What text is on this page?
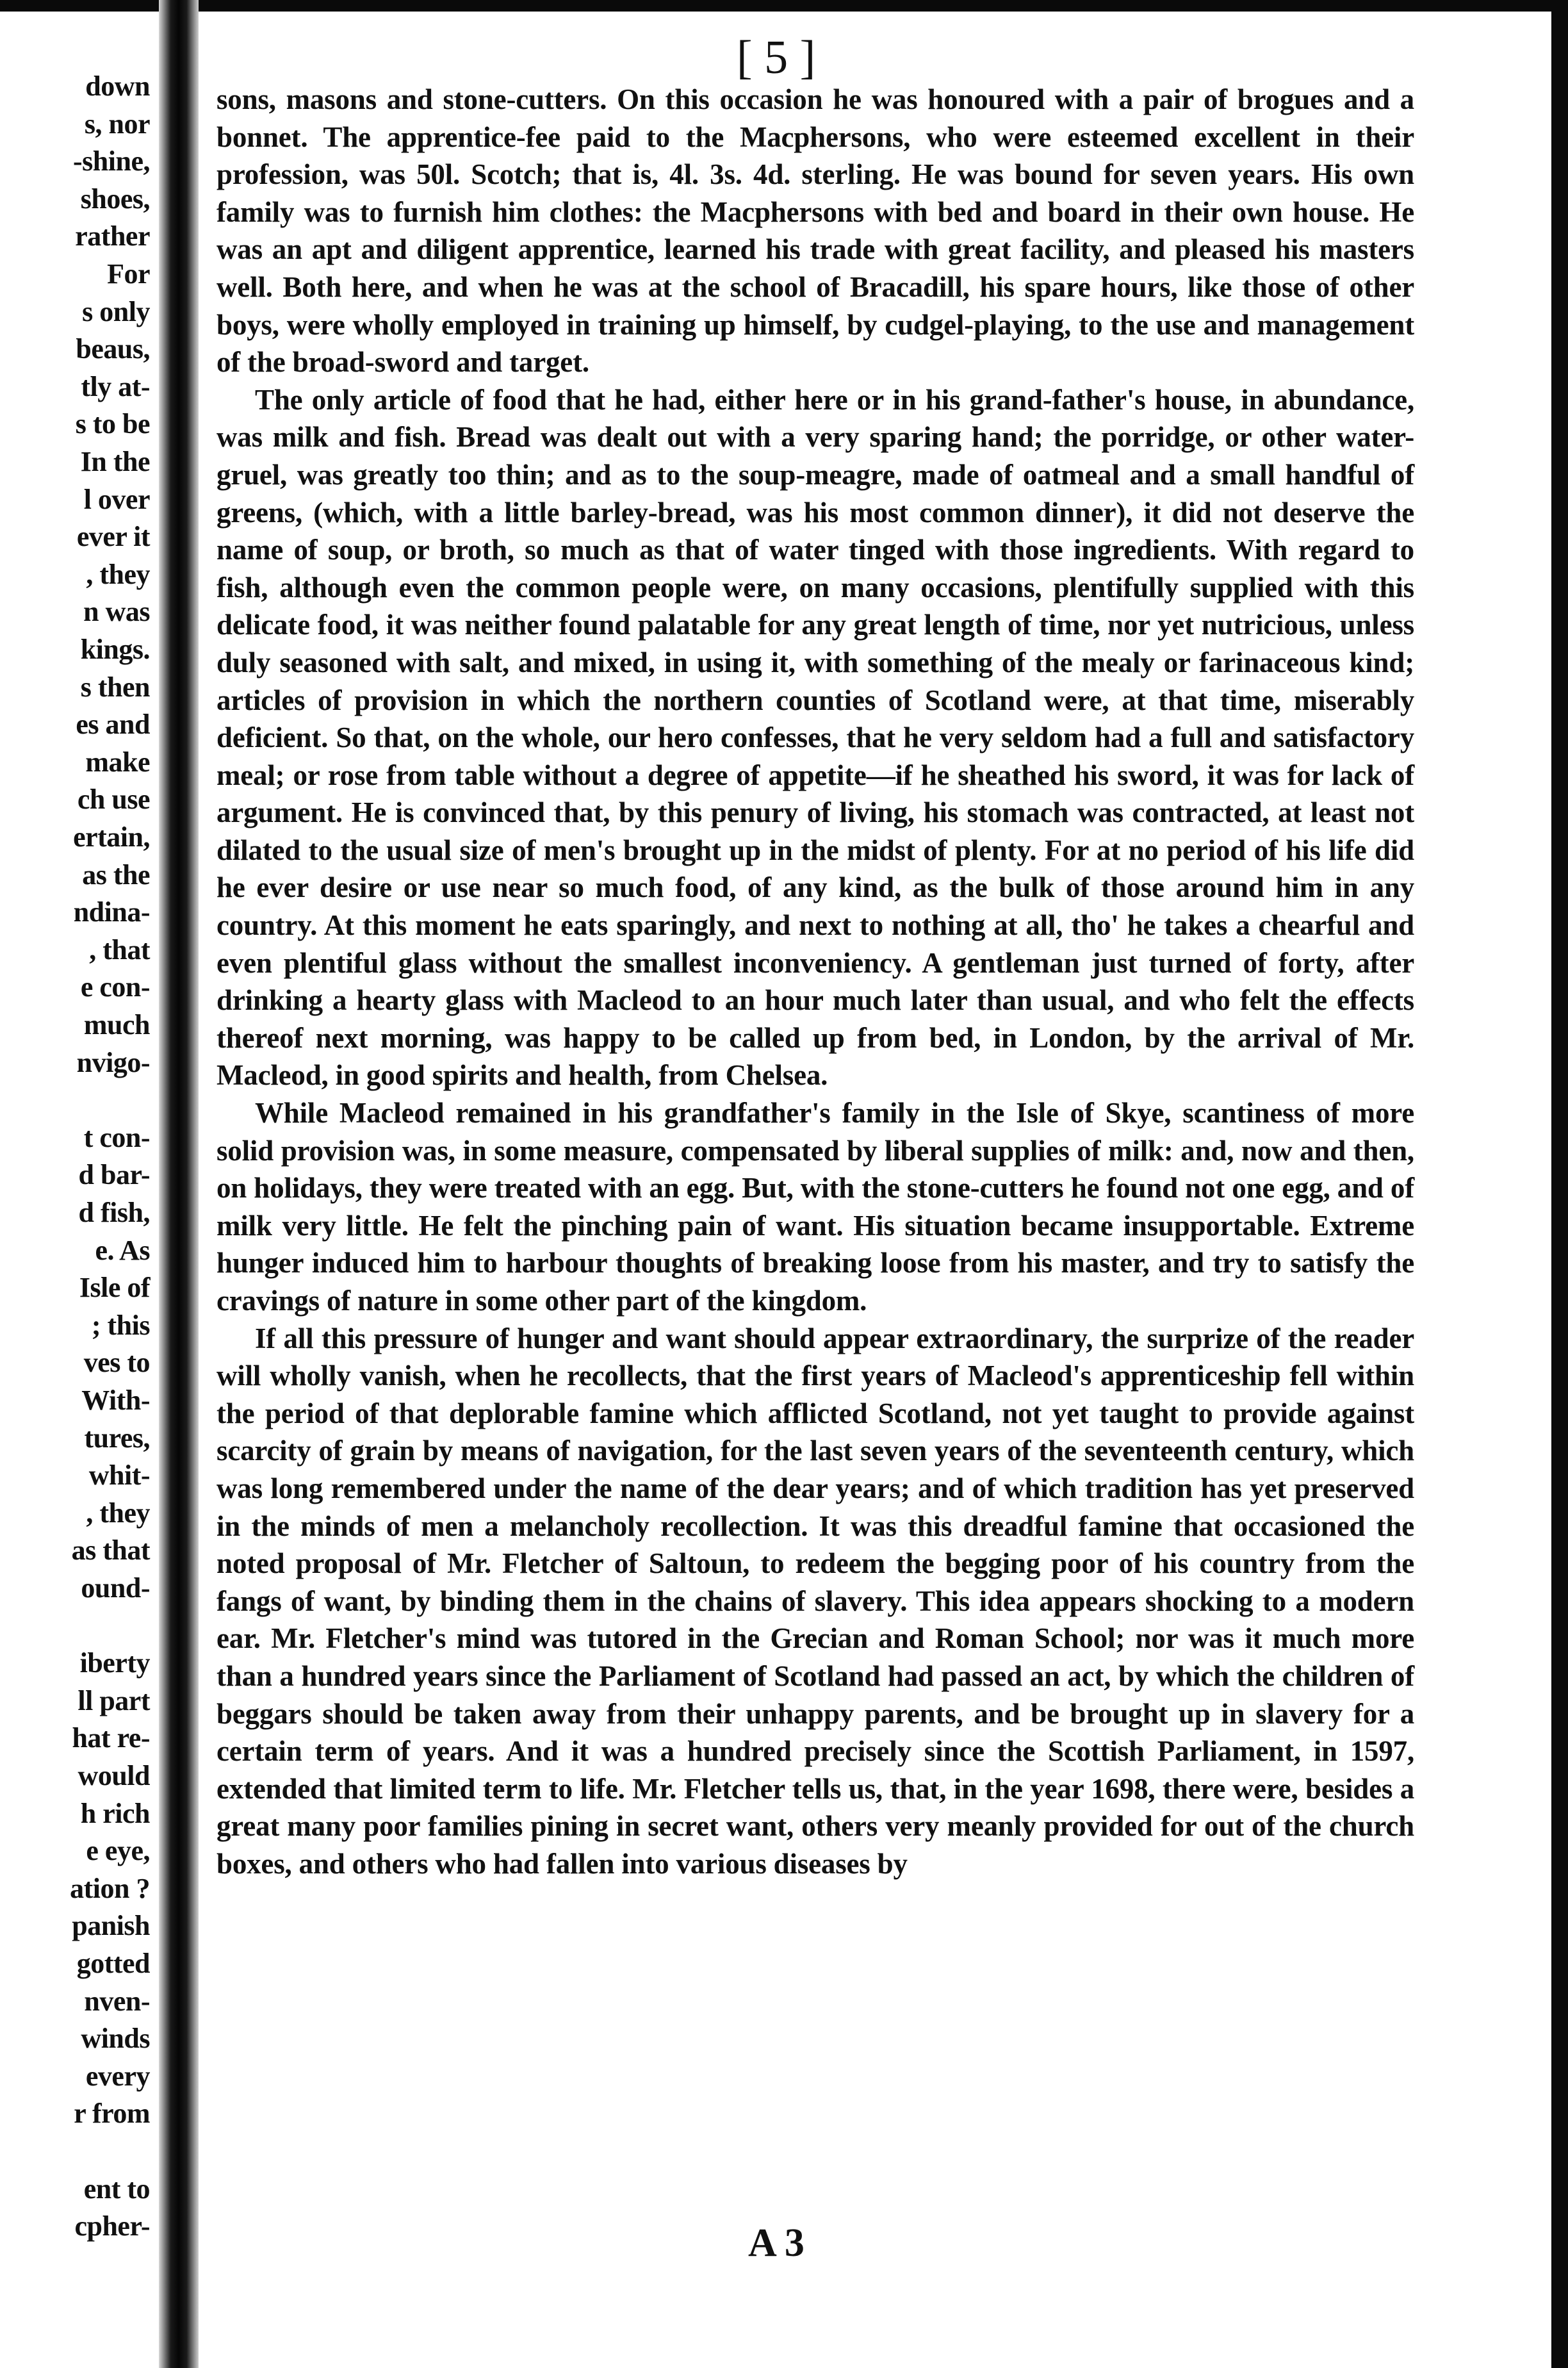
down
s, nor
-shine,
shoes,
rather
For
s only
beaus,
tly at-
s to be
In the
l over
ever it
, they
n was
kings.
s then
es and
make
ch use
ertain,
as the
ndina-
, that
e con-
much
nvigo-
t con-
d bar-
d fish,
e. As
Isle of
; this
ves to
With-
tures,
whit-
, they
as that
ound-
iberty
ll part
hat re-
would
h rich
e eye,
ation ?
panish
gotted
nven-
winds
every
r from
ent to
cpher-
[ 5 ]

sons, masons and stone-cutters. On this occasion he was honoured with a pair of brogues and a bonnet. The apprentice-fee paid to the Macphersons, who were esteemed excellent in their profession, was 50l. Scotch; that is, 4l. 3s. 4d. sterling. He was bound for seven years. His own family was to furnish him clothes: the Macphersons with bed and board in their own house. He was an apt and diligent apprentice, learned his trade with great facility, and pleased his masters well. Both here, and when he was at the school of Bracadill, his spare hours, like those of other boys, were wholly employed in training up himself, by cudgel-playing, to the use and management of the broad-sword and target.

The only article of food that he had, either here or in his grand-father's house, in abundance, was milk and fish. Bread was dealt out with a very sparing hand; the porridge, or other water-gruel, was greatly too thin; and as to the soup-meagre, made of oatmeal and a small handful of greens, (which, with a little barley-bread, was his most common dinner), it did not deserve the name of soup, or broth, so much as that of water tinged with those ingredients. With regard to fish, although even the common people were, on many occasions, plentifully supplied with this delicate food, it was neither found palatable for any great length of time, nor yet nutricious, unless duly seasoned with salt, and mixed, in using it, with something of the mealy or farinaceous kind; articles of provision in which the northern counties of Scotland were, at that time, miserably deficient. So that, on the whole, our hero confesses, that he very seldom had a full and satisfactory meal; or rose from table without a degree of appetite—if he sheathed his sword, it was for lack of argument. He is convinced that, by this penury of living, his stomach was contracted, at least not dilated to the usual size of men's brought up in the midst of plenty. For at no period of his life did he ever desire or use near so much food, of any kind, as the bulk of those around him in any country. At this moment he eats sparingly, and next to nothing at all, tho' he takes a chearful and even plentiful glass without the smallest inconveniency. A gentleman just turned of forty, after drinking a hearty glass with Macleod to an hour much later than usual, and who felt the effects thereof next morning, was happy to be called up from bed, in London, by the arrival of Mr. Macleod, in good spirits and health, from Chelsea.

While Macleod remained in his grandfather's family in the Isle of Skye, scantiness of more solid provision was, in some measure, compensated by liberal supplies of milk: and, now and then, on holidays, they were treated with an egg. But, with the stone-cutters he found not one egg, and of milk very little. He felt the pinching pain of want. His situation became insupportable. Extreme hunger induced him to harbour thoughts of breaking loose from his master, and try to satisfy the cravings of nature in some other part of the kingdom.

If all this pressure of hunger and want should appear extraordinary, the surprize of the reader will wholly vanish, when he recollects, that the first years of Macleod's apprenticeship fell within the period of that deplorable famine which afflicted Scotland, not yet taught to provide against scarcity of grain by means of navigation, for the last seven years of the seventeenth century, which was long remembered under the name of the dear years; and of which tradition has yet preserved in the minds of men a melancholy recollection. It was this dreadful famine that occasioned the noted proposal of Mr. Fletcher of Saltoun, to redeem the begging poor of his country from the fangs of want, by binding them in the chains of slavery. This idea appears shocking to a modern ear. Mr. Fletcher's mind was tutored in the Grecian and Roman School; nor was it much more than a hundred years since the Parliament of Scotland had passed an act, by which the children of beggars should be taken away from their unhappy parents, and be brought up in slavery for a certain term of years. And it was a hundred precisely since the Scottish Parliament, in 1597, extended that limited term to life. Mr. Fletcher tells us, that, in the year 1698, there were, besides a great many poor families pining in secret want, others very meanly provided for out of the church boxes, and others who had fallen into various diseases by

A 3
